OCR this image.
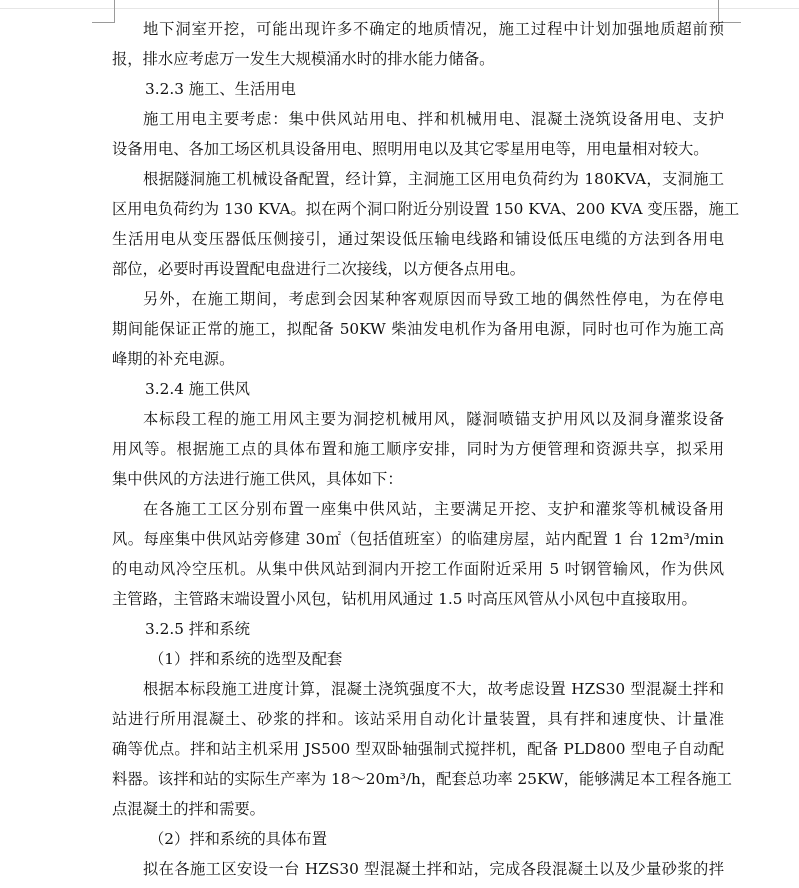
地下洞室开挖，可能出现许多不确定的地质情况，施工过程中计划加强地质超前预
报，排水应考虑万一发生大规模涌水时的排水能力储备。
3.2.3 施工、生活用电
施工用电主要考虑：集中供风站用电、拌和机械用电、混凝土浇筑设备用电、支护
设备用电、各加工场区机具设备用电、照明用电以及其它零星用电等，用电量相对较大。
根据隧洞施工机械设备配置，经计算，主洞施工区用电负荷约为 180KVA，支洞施工
区用电负荷约为 130 KVA。拟在两个洞口附近分别设置 150 KVA、200 KVA 变压器，施工
生活用电从变压器低压侧接引，通过架设低压输电线路和铺设低压电缆的方法到各用电
部位，必要时再设置配电盘进行二次接线，以方便各点用电。
另外，在施工期间，考虑到会因某种客观原因而导致工地的偶然性停电，为在停电
期间能保证正常的施工，拟配备 50KW 柴油发电机作为备用电源，同时也可作为施工高
峰期的补充电源。
3.2.4 施工供风
本标段工程的施工用风主要为洞挖机械用风，隧洞喷锚支护用风以及洞身灌浆设备
用风等。根据施工点的具体布置和施工顺序安排，同时为方便管理和资源共享，拟采用
集中供风的方法进行施工供风，具体如下：
在各施工工区分别布置一座集中供风站，主要满足开挖、支护和灌浆等机械设备用
风。每座集中供风站旁修建 30㎡（包括值班室）的临建房屋，站内配置 1 台 12m³/min
的电动风冷空压机。从集中供风站到洞内开挖工作面附近采用 5 吋钢管输风，作为供风
主管路，主管路末端设置小风包，钻机用风通过 1.5 吋高压风管从小风包中直接取用。
3.2.5 拌和系统
（1）拌和系统的选型及配套
根据本标段施工进度计算，混凝土浇筑强度不大，故考虑设置 HZS30 型混凝土拌和
站进行所用混凝土、砂浆的拌和。该站采用自动化计量装置，具有拌和速度快、计量准
确等优点。拌和站主机采用 JS500 型双卧轴强制式搅拌机，配备 PLD800 型电子自动配
料器。该拌和站的实际生产率为 18～20m³/h，配套总功率 25KW，能够满足本工程各施工
点混凝土的拌和需要。
（2）拌和系统的具体布置
拟在各施工区安设一台 HZS30 型混凝土拌和站，完成各段混凝土以及少量砂浆的拌
